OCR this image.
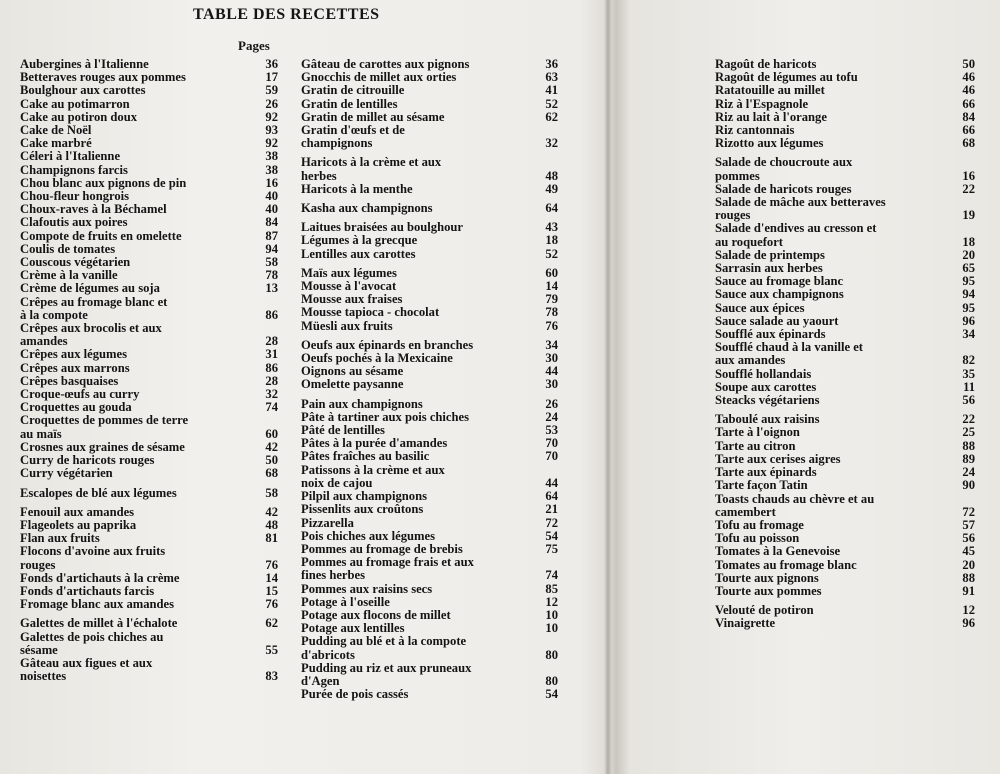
TABLE DES RECETTES
Pages
Aubergines à l'Italienne	36
Betteraves rouges aux pommes	17
Boulghour aux carottes	59
Cake au potimarron	26
Cake au potiron doux	92
Cake de Noël	93
Cake marbré	92
Céleri à l'Italienne	38
Champignons farcis	38
Chou blanc aux pignons de pin	16
Chou-fleur hongrois	40
Choux-raves à la Béchamel	40
Clafoutis aux poires	84
Compote de fruits en omelette	87
Coulis de tomates	94
Couscous végétarien	58
Crème à la vanille	78
Crème de légumes au soja	13
Crêpes au fromage blanc et
à la compote	86
Crêpes aux brocolis et aux
amandes	28
Crêpes aux légumes	31
Crêpes aux marrons	86
Crêpes basquaises	28
Croque-œufs au curry	32
Croquettes au gouda	74
Croquettes de pommes de terre
au maïs	60
Crosnes aux graines de sésame	42
Curry de haricots rouges	50
Curry végétarien	68
Escalopes de blé aux légumes	58
Fenouil aux amandes	42
Flageolets au paprika	48
Flan aux fruits	81
Flocons d'avoine aux fruits
rouges	76
Fonds d'artichauts à la crème	14
Fonds d'artichauts farcis	15
Fromage blanc aux amandes	76
Galettes de millet à l'échalote	62
Galettes de pois chiches au
sésame	55
Gâteau aux figues et aux
noisettes	83
Gâteau de carottes aux pignons	36
Gnocchis de millet aux orties	63
Gratin de citrouille	41
Gratin de lentilles	52
Gratin de millet au sésame	62
Gratin d'œufs et de
champignons	32
Haricots à la crème et aux
herbes	48
Haricots à la menthe	49
Kasha aux champignons	64
Laitues braisées au boulghour	43
Légumes à la grecque	18
Lentilles aux carottes	52
Maïs aux légumes	60
Mousse à l'avocat	14
Mousse aux fraises	79
Mousse tapioca - chocolat	78
Müesli aux fruits	76
Oeufs aux épinards en branches	34
Oeufs pochés à la Mexicaine	30
Oignons au sésame	44
Omelette paysanne	30
Pain aux champignons	26
Pâte à tartiner aux pois chiches	24
Pâté de lentilles	53
Pâtes à la purée d'amandes	70
Pâtes fraîches au basilic	70
Patissons à la crème et aux
noix de cajou	44
Pilpil aux champignons	64
Pissenlits aux croûtons	21
Pizzarella	72
Pois chiches aux légumes	54
Pommes au fromage de brebis	75
Pommes au fromage frais et aux
fines herbes	74
Pommes aux raisins secs	85
Potage à l'oseille	12
Potage aux flocons de millet	10
Potage aux lentilles	10
Pudding au blé et à la compote
d'abricots	80
Pudding au riz et aux pruneaux
d'Agen	80
Purée de pois cassés	54
Ragoût de haricots	50
Ragoût de légumes au tofu	46
Ratatouille au millet	46
Riz à l'Espagnole	66
Riz au lait à l'orange	84
Riz cantonnais	66
Rizotto aux légumes	68
Salade de choucroute aux
pommes	16
Salade de haricots rouges	22
Salade de mâche aux betteraves
rouges	19
Salade d'endives au cresson et
au roquefort	18
Salade de printemps	20
Sarrasin aux herbes	65
Sauce au fromage blanc	95
Sauce aux champignons	94
Sauce aux épices	95
Sauce salade au yaourt	96
Soufflé aux épinards	34
Soufflé chaud à la vanille et
aux amandes	82
Soufflé hollandais	35
Soupe aux carottes	11
Steacks végétariens	56
Taboulé aux raisins	22
Tarte à l'oignon	25
Tarte au citron	88
Tarte aux cerises aigres	89
Tarte aux épinards	24
Tarte façon Tatin	90
Toasts chauds au chèvre et au
camembert	72
Tofu au fromage	57
Tofu au poisson	56
Tomates à la Genevoise	45
Tomates au fromage blanc	20
Tourte aux pignons	88
Tourte aux pommes	91
Velouté de potiron	12
Vinaigrette	96
